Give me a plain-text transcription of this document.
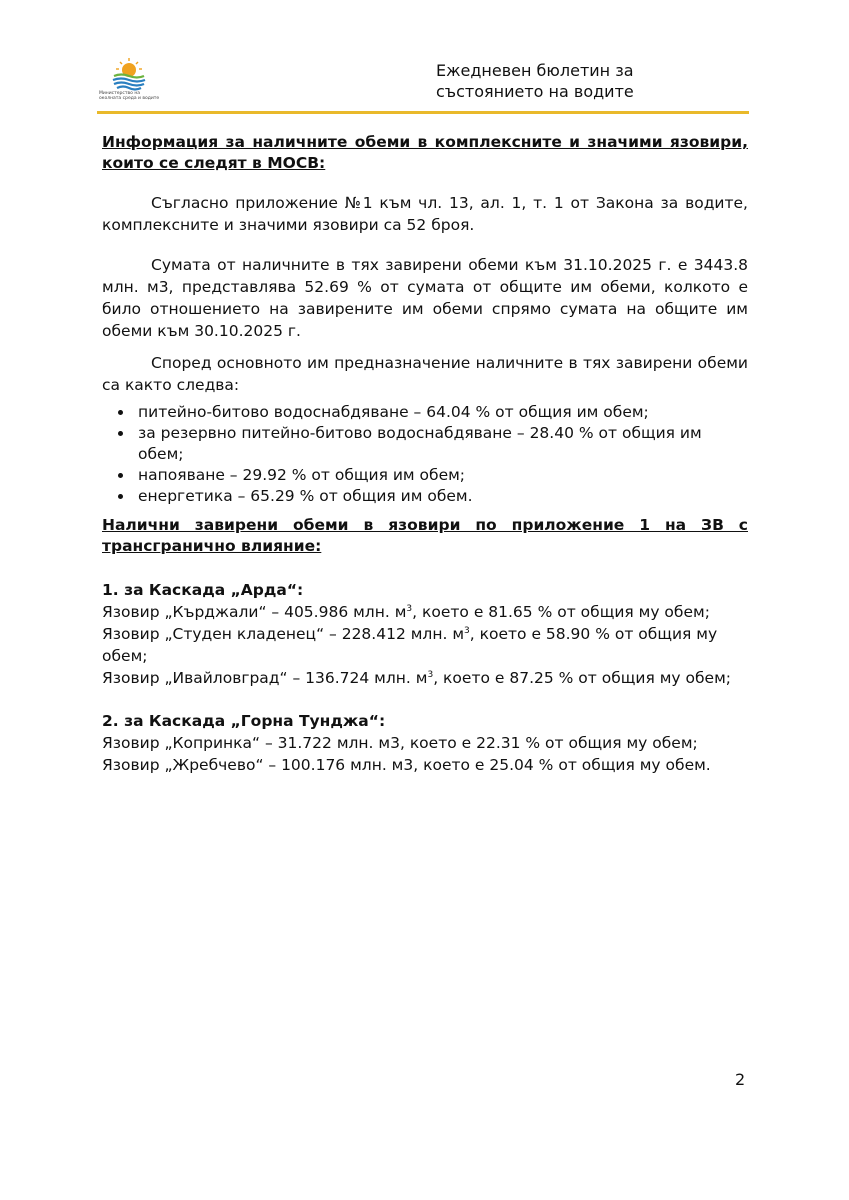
Министерство на околната среда и водите
Ежедневен бюлетин за състоянието на водите

Информация за наличните обеми в комплексните и значими язовири, които се следят в МОСВ:

Съгласно приложение №1 към чл. 13, ал. 1, т. 1 от Закона за водите, комплексните и значими язовири са 52 броя.

Сумата от наличните в тях завирени обеми към 31.10.2025 г. е 3443.8 млн. м3, представлява 52.69 % от сумата от общите им обеми, колкото е било отношението на завирените им обеми спрямо сумата на общите им обеми към 30.10.2025 г.

Според основното им предназначение наличните в тях завирени обеми са както следва:

• питейно-битово водоснабдяване – 64.04 % от общия им обем;
• за резервно питейно-битово водоснабдяване – 28.40 % от общия им обем;
• напояване – 29.92 % от общия им обем;
• енергетика – 65.29 % от общия им обем.

Налични завирени обеми в язовири по приложение 1 на ЗВ с трансгранично влияние:

1. за Каскада „Арда“:

Язовир „Кърджали“ – 405.986 млн. $м^3$, което е 81.65 % от общия му обем;

Язовир „Студен кладенец“ – 228.412 млн. $м^3$, което е 58.90 % от общия му обем;

Язовир „Ивайловград“ – 136.724 млн. $м^3$, което е 87.25 % от общия му обем;

2. за Каскада „Горна Тунджа“:

Язовир „Копринка“ – 31.722 млн. м3, което е 22.31 % от общия му обем;

Язовир „Жребчево“ – 100.176 млн. м3, което е 25.04 % от общия му обем.

2
